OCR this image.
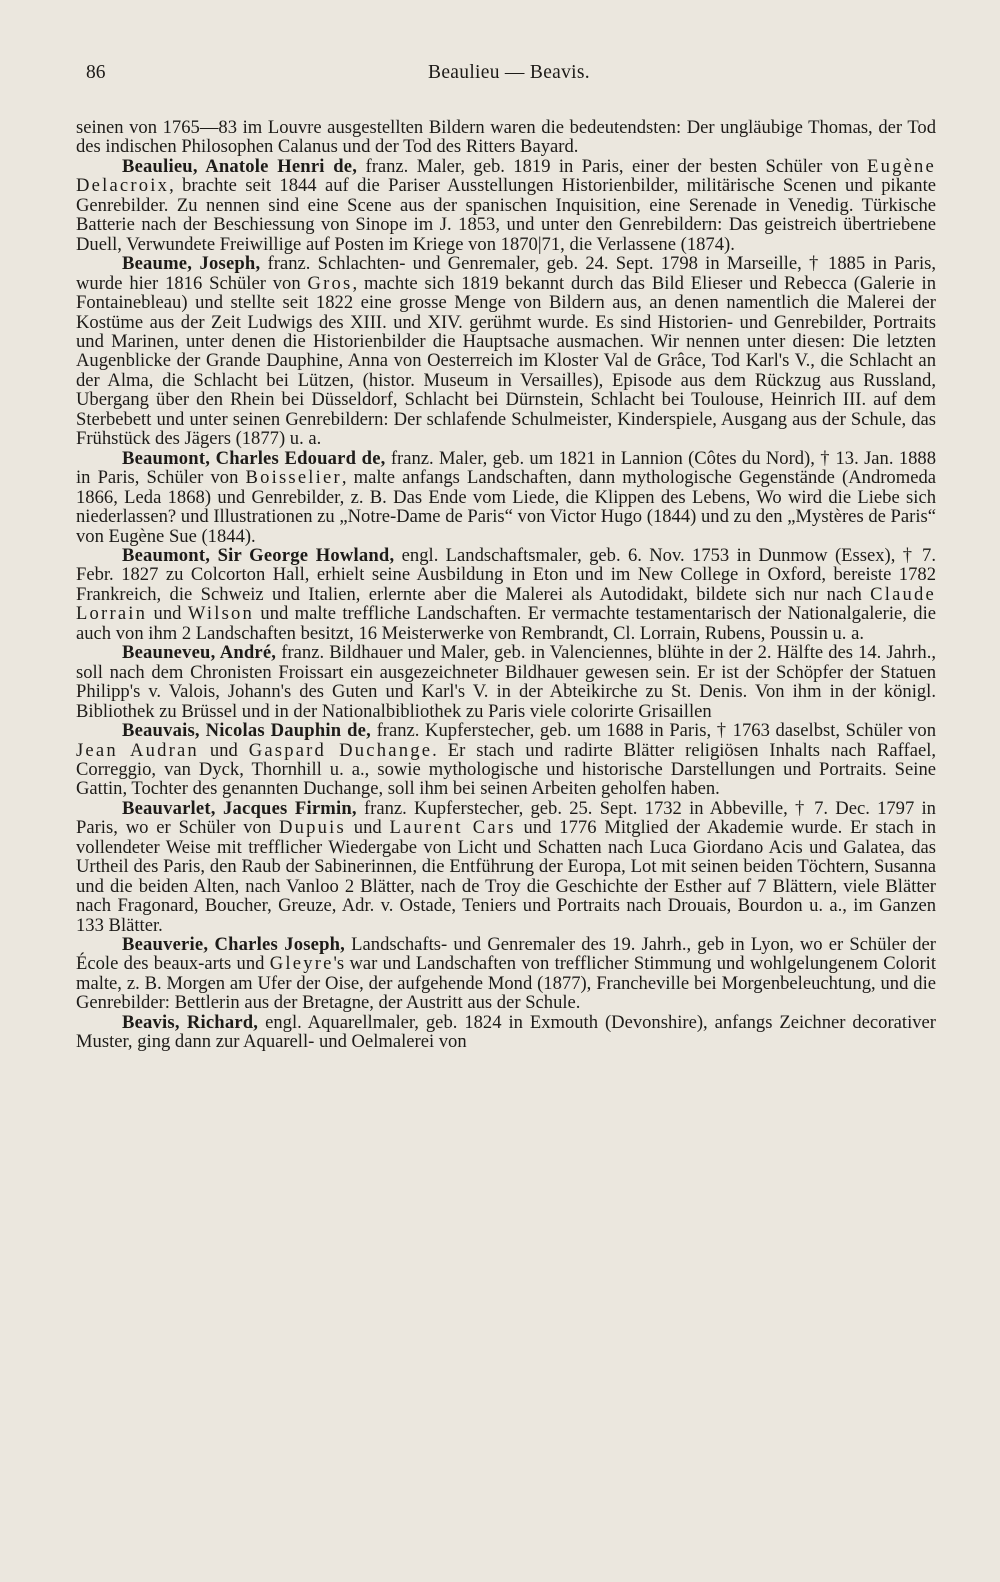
86	Beaulieu — Beavis.

seinen von 1765—83 im Louvre ausgestellten Bildern waren die bedeutendsten: Der ungläubige Thomas, der Tod des indischen Philosophen Calanus und der Tod des Ritters Bayard.

Beaulieu, Anatole Henri de, franz. Maler, geb. 1819 in Paris, einer der besten Schüler von Eugène Delacroix, brachte seit 1844 auf die Pariser Ausstellungen Historienbilder, militärische Scenen und pikante Genrebilder. Zu nennen sind eine Scene aus der spanischen Inquisition, eine Serenade in Venedig. Türkische Batterie nach der Beschiessung von Sinope im J. 1853, und unter den Genrebildern: Das geistreich übertriebene Duell, Verwundete Freiwillige auf Posten im Kriege von 1870|71, die Verlassene (1874).

Beaume, Joseph, franz. Schlachten- und Genremaler, geb. 24. Sept. 1798 in Marseille, † 1885 in Paris, wurde hier 1816 Schüler von Gros, machte sich 1819 bekannt durch das Bild Elieser und Rebecca (Galerie in Fontainebleau) und stellte seit 1822 eine grosse Menge von Bildern aus, an denen namentlich die Malerei der Kostüme aus der Zeit Ludwigs des XIII. und XIV. gerühmt wurde. Es sind Historien- und Genrebilder, Portraits und Marinen, unter denen die Historienbilder die Hauptsache ausmachen. Wir nennen unter diesen: Die letzten Augenblicke der Grande Dauphine, Anna von Oesterreich im Kloster Val de Grâce, Tod Karl's V., die Schlacht an der Alma, die Schlacht bei Lützen, (histor. Museum in Versailles), Episode aus dem Rückzug aus Russland, Ubergang über den Rhein bei Düsseldorf, Schlacht bei Dürnstein, Schlacht bei Toulouse, Heinrich III. auf dem Sterbebett und unter seinen Genrebildern: Der schlafende Schulmeister, Kinderspiele, Ausgang aus der Schule, das Frühstück des Jägers (1877) u. a.

Beaumont, Charles Edouard de, franz. Maler, geb. um 1821 in Lannion (Côtes du Nord), † 13. Jan. 1888 in Paris, Schüler von Boisselier, malte anfangs Landschaften, dann mythologische Gegenstände (Andromeda 1866, Leda 1868) und Genrebilder, z. B. Das Ende vom Liede, die Klippen des Lebens, Wo wird die Liebe sich niederlassen? und Illustrationen zu „Notre-Dame de Paris“ von Victor Hugo (1844) und zu den „Mystères de Paris“ von Eugène Sue (1844).

Beaumont, Sir George Howland, engl. Landschaftsmaler, geb. 6. Nov. 1753 in Dunmow (Essex), † 7. Febr. 1827 zu Colcorton Hall, erhielt seine Ausbildung in Eton und im New College in Oxford, bereiste 1782 Frankreich, die Schweiz und Italien, erlernte aber die Malerei als Autodidakt, bildete sich nur nach Claude Lorrain und Wilson und malte treffliche Landschaften. Er vermachte testamentarisch der Nationalgalerie, die auch von ihm 2 Landschaften besitzt, 16 Meisterwerke von Rembrandt, Cl. Lorrain, Rubens, Poussin u. a.

Beauneveu, André, franz. Bildhauer und Maler, geb. in Valenciennes, blühte in der 2. Hälfte des 14. Jahrh., soll nach dem Chronisten Froissart ein ausgezeichneter Bildhauer gewesen sein. Er ist der Schöpfer der Statuen Philipp's v. Valois, Johann's des Guten und Karl's V. in der Abteikirche zu St. Denis. Von ihm in der königl. Bibliothek zu Brüssel und in der Nationalbibliothek zu Paris viele colorirte Grisaillen

Beauvais, Nicolas Dauphin de, franz. Kupferstecher, geb. um 1688 in Paris, † 1763 daselbst, Schüler von Jean Audran und Gaspard Duchange. Er stach und radirte Blätter religiösen Inhalts nach Raffael, Correggio, van Dyck, Thornhill u. a., sowie mythologische und historische Darstellungen und Portraits. Seine Gattin, Tochter des genannten Duchange, soll ihm bei seinen Arbeiten geholfen haben.

Beauvarlet, Jacques Firmin, franz. Kupferstecher, geb. 25. Sept. 1732 in Abbeville, † 7. Dec. 1797 in Paris, wo er Schüler von Dupuis und Laurent Cars und 1776 Mitglied der Akademie wurde. Er stach in vollendeter Weise mit trefflicher Wiedergabe von Licht und Schatten nach Luca Giordano Acis und Galatea, das Urtheil des Paris, den Raub der Sabinerinnen, die Entführung der Europa, Lot mit seinen beiden Töchtern, Susanna und die beiden Alten, nach Vanloo 2 Blätter, nach de Troy die Geschichte der Esther auf 7 Blättern, viele Blätter nach Fragonard, Boucher, Greuze, Adr. v. Ostade, Teniers und Portraits nach Drouais, Bourdon u. a., im Ganzen 133 Blätter.

Beauverie, Charles Joseph, Landschafts- und Genremaler des 19. Jahrh., geb in Lyon, wo er Schüler der École des beaux-arts und Gleyre's war und Landschaften von trefflicher Stimmung und wohlgelungenem Colorit malte, z. B. Morgen am Ufer der Oise, der aufgehende Mond (1877), Francheville bei Morgenbeleuchtung, und die Genrebilder: Bettlerin aus der Bretagne, der Austritt aus der Schule.

Beavis, Richard, engl. Aquarellmaler, geb. 1824 in Exmouth (Devonshire), anfangs Zeichner decorativer Muster, ging dann zur Aquarell- und Oelmalerei von
